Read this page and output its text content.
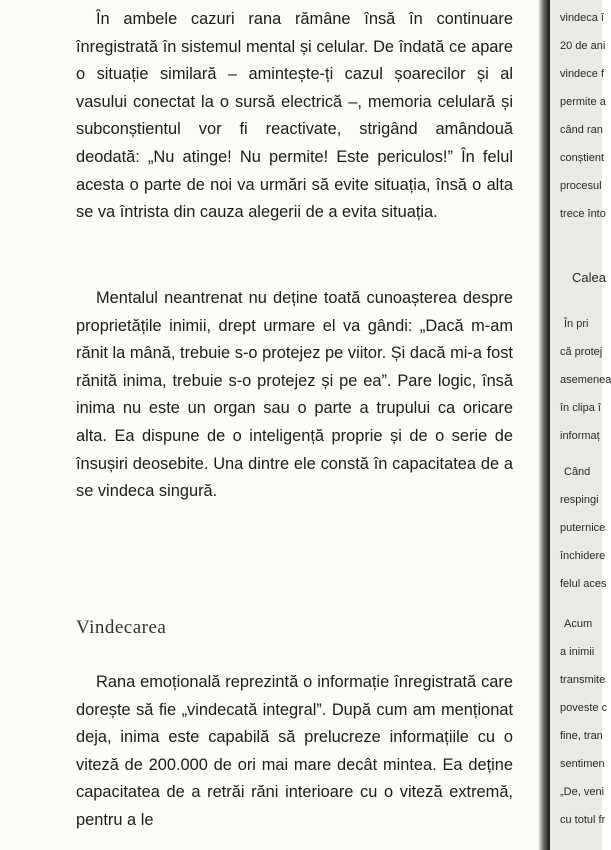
În ambele cazuri rana rămâne însă în continuare înregistrată în sistemul mental și celular. De îndată ce apare o situație similară – amintește-ți cazul șoarecilor și al vasului conectat la o sursă electrică –, memoria celulară și subconștientul vor fi reactivate, strigând amândouă deodată: „Nu atinge! Nu permite! Este periculos!” În felul acesta o parte de noi va urmări să evite situația, însă o alta se va întrista din cauza alegerii de a evita situația.

Mentalul neantrenat nu deține toată cunoașterea despre proprietățile inimii, drept urmare el va gândi: „Dacă m-am rănit la mână, trebuie s-o protejez pe viitor. Și dacă mi-a fost rănită inima, trebuie s-o protejez și pe ea”. Pare logic, însă inima nu este un organ sau o parte a trupului ca oricare alta. Ea dispune de o inteligență proprie și de o serie de însușiri deosebite. Una dintre ele constă în capacitatea de a se vindeca singură.

Vindecarea

Rana emoțională reprezintă o informație înregistrată care dorește să fie „vindecată integral”. După cum am menționat deja, inima este capabilă să prelucreze informațiile cu o viteză de 200.000 de ori mai mare decât mintea. Ea deține capacitatea de a retrăi răni interioare cu o viteză extremă, pentru a le

vindeca î
20 de ani
vindece f
permite a
când ran
conștient
procesul
trece înto
Calea
În pri
că protej
asemenea
în clipa î
informaț
Când
respingi
puternice
închidere
felul aces
Acum
a inimii
transmite
poveste c
fine, tran
sentimen
„De, veni
cu totul fr
